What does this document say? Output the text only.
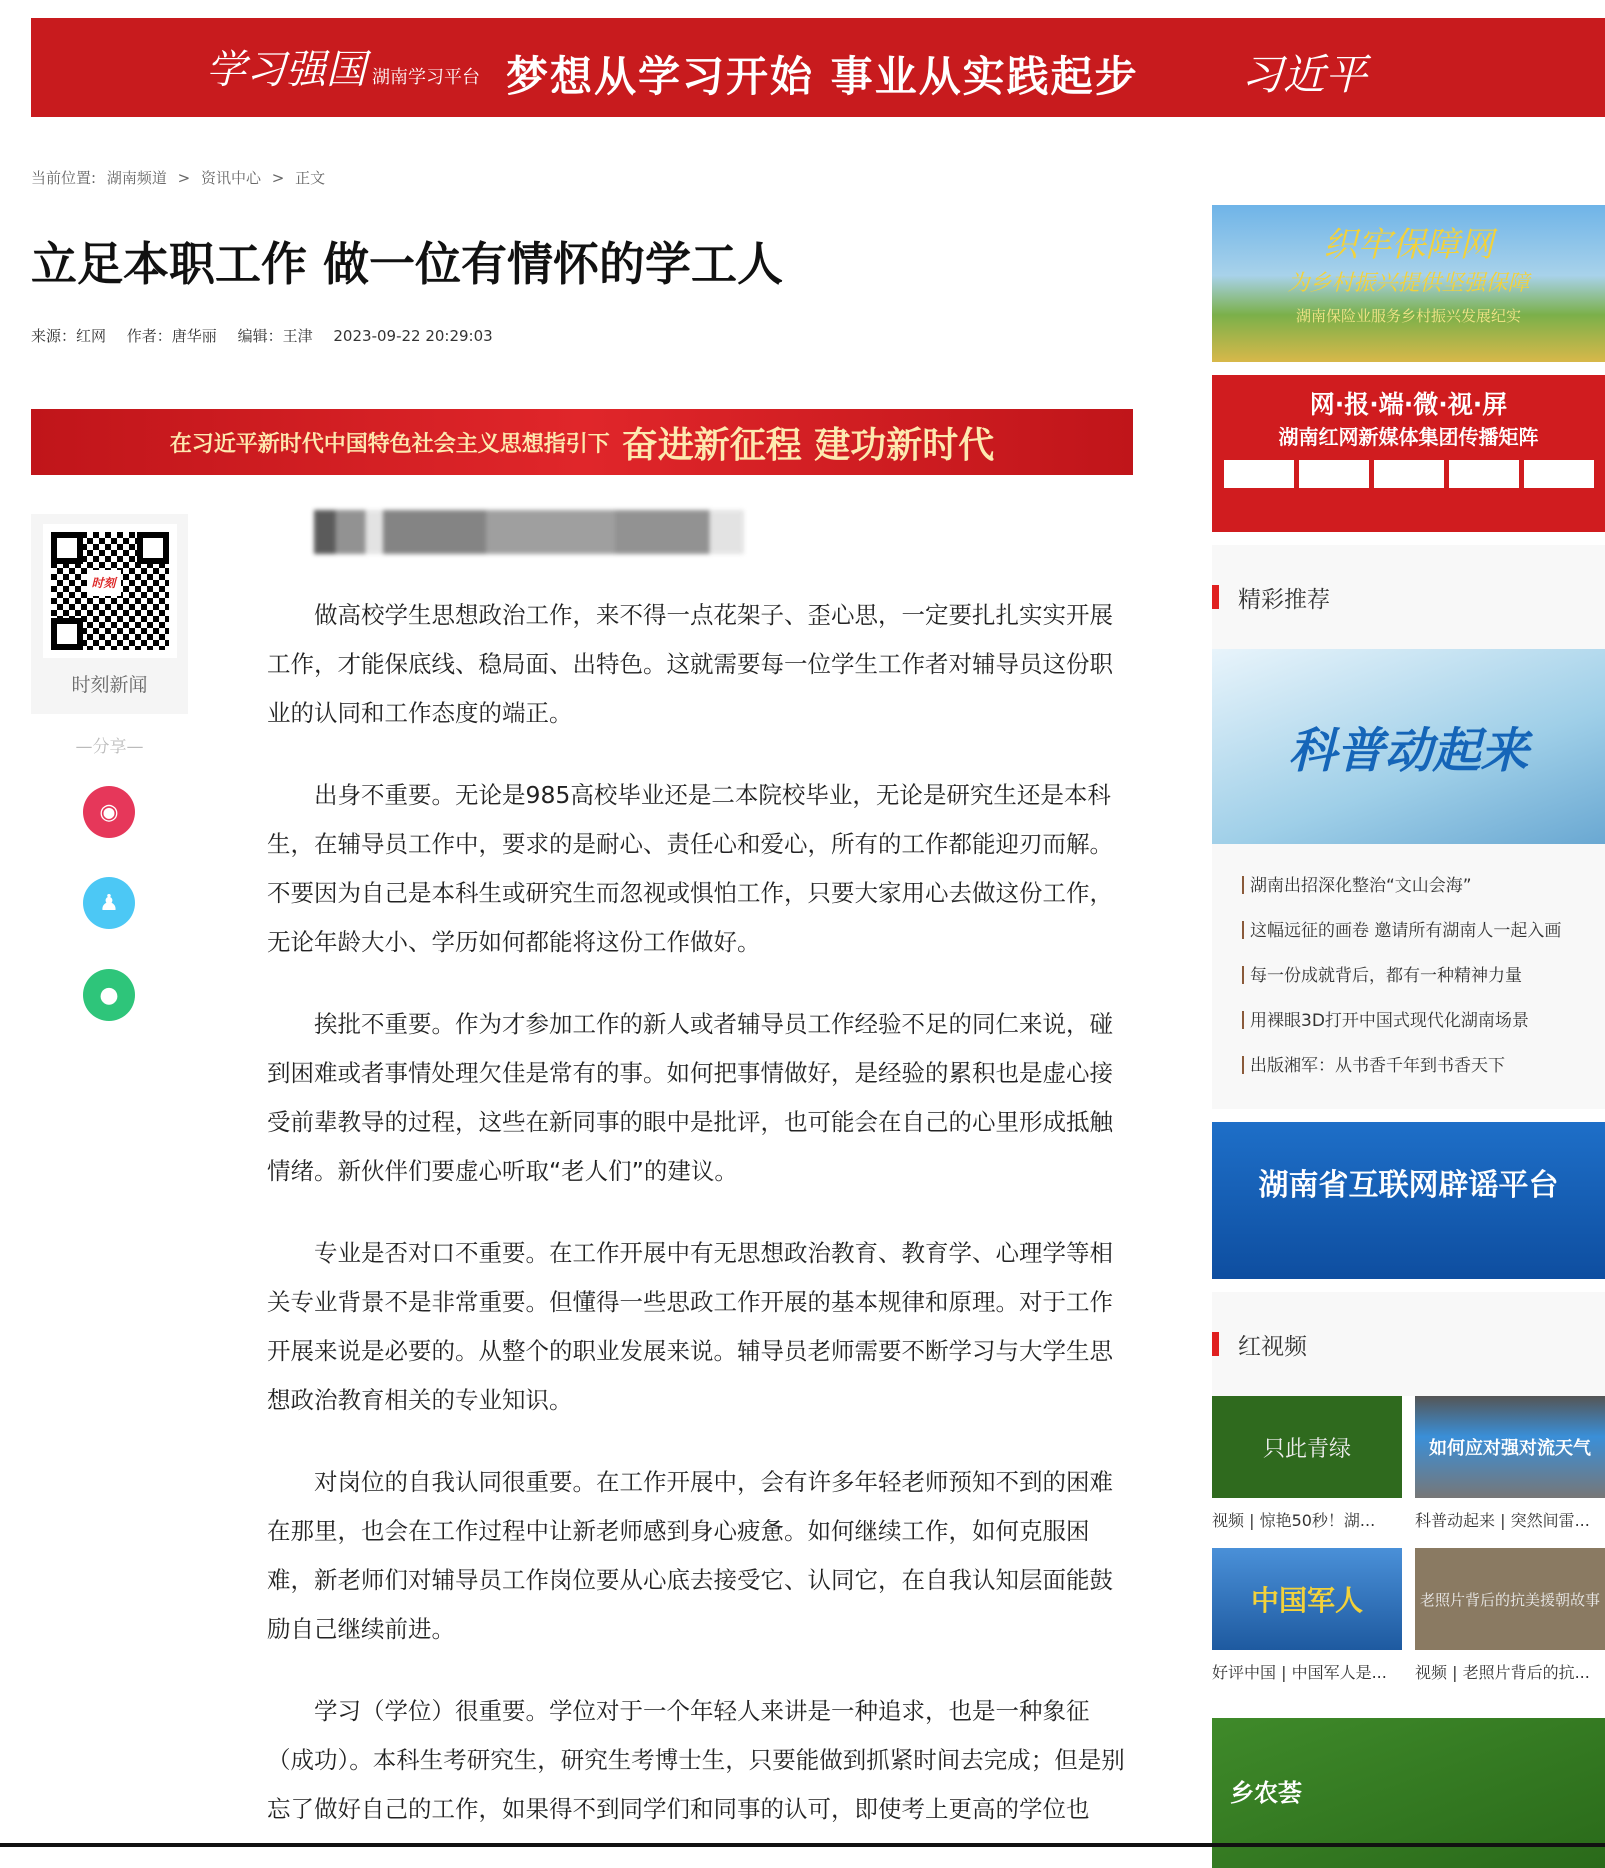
学习强国 湖南学习平台 梦想从学习开始 事业从实践起步 习近平
当前位置: 湖南频道 > 资讯中心 > 正文
立足本职工作 做一位有情怀的学工人
来源：红网 作者：唐华丽 编辑：王津 2023-09-22 20:29:03
在习近平新时代中国特色社会主义思想指引下 奋进新征程 建功新时代
时刻
时刻新闻
—分享—
◉
♟
●

做高校学生思想政治工作，来不得一点花架子、歪心思，一定要扎扎实实开展工作，才能保底线、稳局面、出特色。这就需要每一位学生工作者对辅导员这份职业的认同和工作态度的端正。

出身不重要。无论是985高校毕业还是二本院校毕业，无论是研究生还是本科生，在辅导员工作中，要求的是耐心、责任心和爱心，所有的工作都能迎刃而解。不要因为自己是本科生或研究生而忽视或惧怕工作，只要大家用心去做这份工作，无论年龄大小、学历如何都能将这份工作做好。

挨批不重要。作为才参加工作的新人或者辅导员工作经验不足的同仁来说，碰到困难或者事情处理欠佳是常有的事。如何把事情做好，是经验的累积也是虚心接受前辈教导的过程，这些在新同事的眼中是批评，也可能会在自己的心里形成抵触情绪。新伙伴们要虚心听取“老人们”的建议。

专业是否对口不重要。在工作开展中有无思想政治教育、教育学、心理学等相关专业背景不是非常重要。但懂得一些思政工作开展的基本规律和原理。对于工作开展来说是必要的。从整个的职业发展来说。辅导员老师需要不断学习与大学生思想政治教育相关的专业知识。

对岗位的自我认同很重要。在工作开展中，会有许多年轻老师预知不到的困难在那里，也会在工作过程中让新老师感到身心疲惫。如何继续工作，如何克服困难，新老师们对辅导员工作岗位要从心底去接受它、认同它，在自我认知层面能鼓励自己继续前进。

学习（学位）很重要。学位对于一个年轻人来讲是一种追求，也是一种象征（成功）。本科生考研究生，研究生考博士生，只要能做到抓紧时间去完成；但是别忘了做好自己的工作，如果得不到同学们和同事的认可，即使考上更高的学位也

织牢保障网
为乡村振兴提供坚强保障
湖南保险业服务乡村振兴发展纪实
网·报·端·微·视·屏
湖南红网新媒体集团传播矩阵
精彩推荐
科普动起来
湖南出招深化整治“文山会海”
这幅远征的画卷 邀请所有湖南人一起入画
每一份成就背后，都有一种精神力量
用裸眼3D打开中国式现代化湖南场景
出版湘军：从书香千年到书香天下
湖南省互联网辟谣平台
红视频
只此青绿
视频 | 惊艳50秒！湖...
如何应对强对流天气
科普动起来 | 突然间雷...
中国军人
好评中国 | 中国军人是...
老照片背后的抗美援朝故事
视频 | 老照片背后的抗...
乡农荟
